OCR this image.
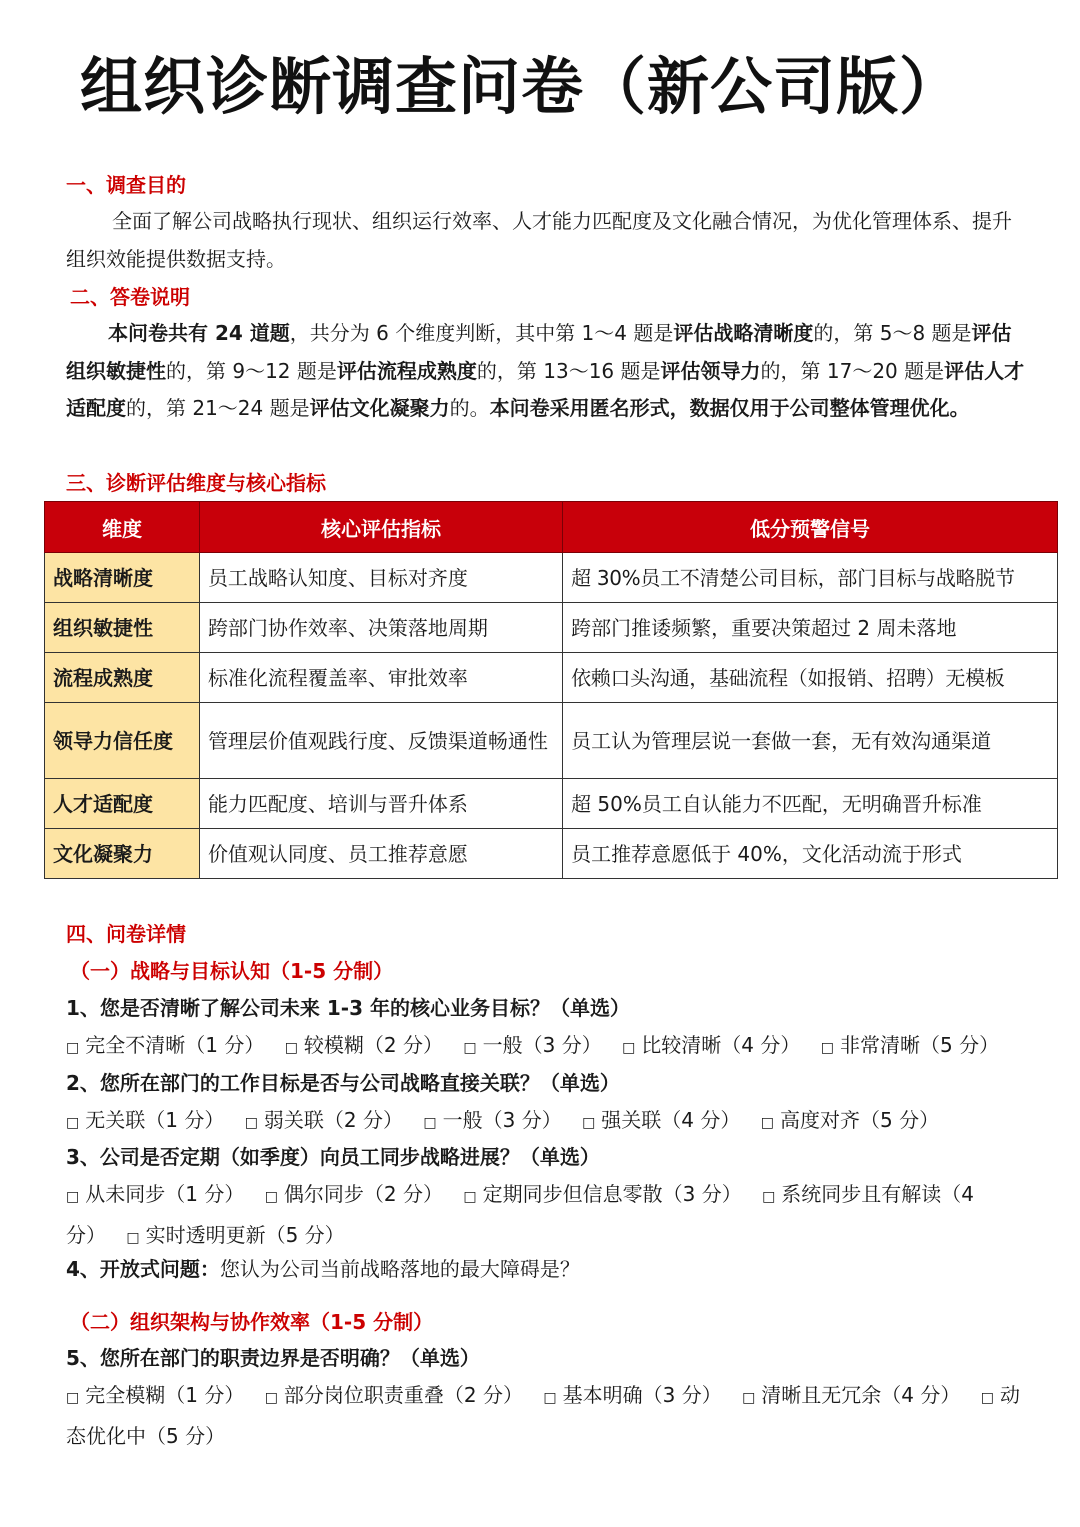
组织诊断调查问卷（新公司版）
一、调查目的
全面了解公司战略执行现状、组织运行效率、人才能力匹配度及文化融合情况，为优化管理体系、提升组织效能提供数据支持。
二、答卷说明
本问卷共有 24 道题，共分为 6 个维度判断，其中第 1～4 题是评估战略清晰度的，第 5～8 题是评估组织敏捷性的，第 9～12 题是评估流程成熟度的，第 13～16 题是评估领导力的，第 17～20 题是评估人才适配度的，第 21～24 题是评估文化凝聚力的。本问卷采用匿名形式，数据仅用于公司整体管理优化。
三、诊断评估维度与核心指标
维度	核心评估指标	低分预警信号
战略清晰度	员工战略认知度、目标对齐度	超 30%员工不清楚公司目标，部门目标与战略脱节
组织敏捷性	跨部门协作效率、决策落地周期	跨部门推诿频繁，重要决策超过 2 周未落地
流程成熟度	标准化流程覆盖率、审批效率	依赖口头沟通，基础流程（如报销、招聘）无模板
领导力信任度	管理层价值观践行度、反馈渠道畅通性	员工认为管理层说一套做一套，无有效沟通渠道
人才适配度	能力匹配度、培训与晋升体系	超 50%员工自认能力不匹配，无明确晋升标准
文化凝聚力	价值观认同度、员工推荐意愿	员工推荐意愿低于 40%，文化活动流于形式
四、问卷详情
（一）战略与目标认知（1-5 分制）
1、您是否清晰了解公司未来 1-3 年的核心业务目标？（单选）
□ 完全不清晰（1 分） □ 较模糊（2 分） □ 一般（3 分） □ 比较清晰（4 分） □ 非常清晰（5 分）
2、您所在部门的工作目标是否与公司战略直接关联？（单选）
□ 无关联（1 分） □ 弱关联（2 分） □ 一般（3 分） □ 强关联（4 分） □ 高度对齐（5 分）
3、公司是否定期（如季度）向员工同步战略进展？（单选）
□ 从未同步（1 分） □ 偶尔同步（2 分） □ 定期同步但信息零散（3 分） □ 系统同步且有解读（4 分） □ 实时透明更新（5 分）
4、开放式问题：您认为公司当前战略落地的最大障碍是？
（二）组织架构与协作效率（1-5 分制）
5、您所在部门的职责边界是否明确？（单选）
□ 完全模糊（1 分） □ 部分岗位职责重叠（2 分） □ 基本明确（3 分） □ 清晰且无冗余（4 分） □ 动态优化中（5 分）
